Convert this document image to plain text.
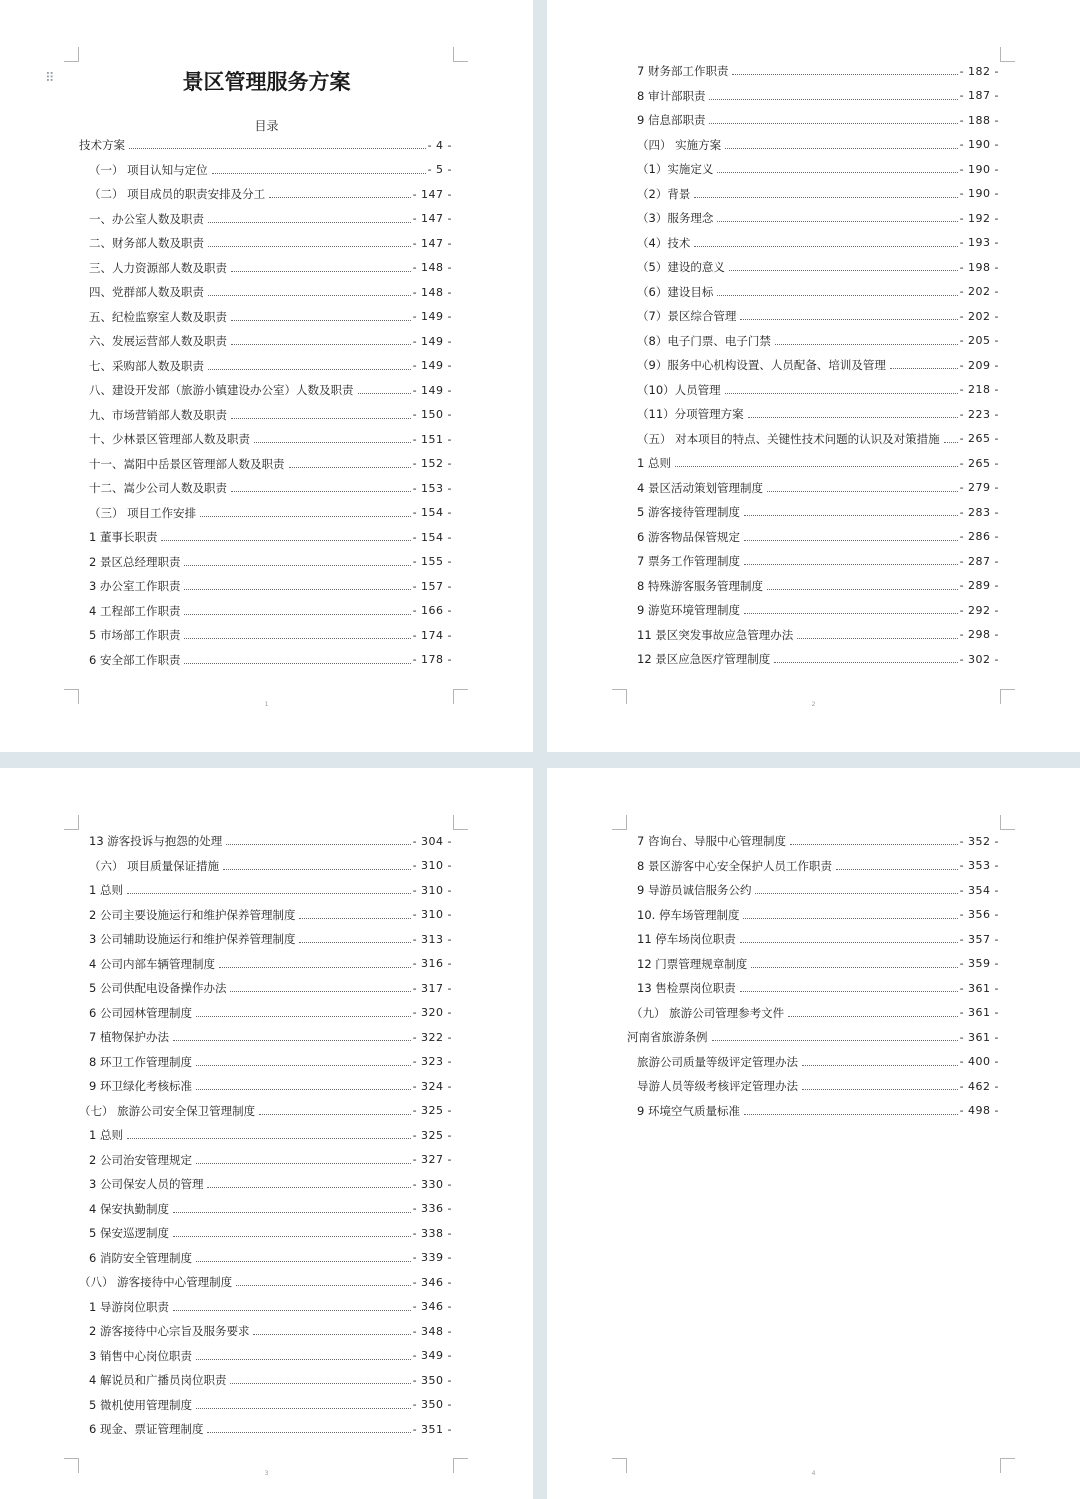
⠿	景区管理服务方案
目录
技术方案	- 4 -
（一） 项目认知与定位	- 5 -
（二） 项目成员的职责安排及分工	- 147 -
一、办公室人数及职责	- 147 -
二、财务部人数及职责	- 147 -
三、人力资源部人数及职责	- 148 -
四、党群部人数及职责	- 148 -
五、纪检监察室人数及职责	- 149 -
六、发展运营部人数及职责	- 149 -
七、采购部人数及职责	- 149 -
八、建设开发部（旅游小镇建设办公室）人数及职责	- 149 -
九、市场营销部人数及职责	- 150 -
十、少林景区管理部人数及职责	- 151 -
十一、嵩阳中岳景区管理部人数及职责	- 152 -
十二、嵩少公司人数及职责	- 153 -
（三） 项目工作安排	- 154 -
1 董事长职责	- 154 -
2 景区总经理职责	- 155 -
3 办公室工作职责	- 157 -
4 工程部工作职责	- 166 -
5 市场部工作职责	- 174 -
6 安全部工作职责	- 178 -
1
7 财务部工作职责	- 182 -
8 审计部职责	- 187 -
9 信息部职责	- 188 -
（四） 实施方案	- 190 -
（1）实施定义	- 190 -
（2）背景	- 190 -
（3）服务理念	- 192 -
（4）技术	- 193 -
（5）建设的意义	- 198 -
（6）建设目标	- 202 -
（7）景区综合管理	- 202 -
（8）电子门票、电子门禁	- 205 -
（9）服务中心机构设置、人员配备、培训及管理	- 209 -
（10）人员管理	- 218 -
（11）分项管理方案	- 223 -
（五） 对本项目的特点、关键性技术问题的认识及对策措施 - 265 -
1 总则	- 265 -
4 景区活动策划管理制度	- 279 -
5 游客接待管理制度	- 283 -
6 游客物品保管规定	- 286 -
7 票务工作管理制度	- 287 -
8 特殊游客服务管理制度	- 289 -
9 游览环境管理制度	- 292 -
11 景区突发事故应急管理办法	- 298 -
12 景区应急医疗管理制度	- 302 -
2
13 游客投诉与抱怨的处理	- 304 -
（六） 项目质量保证措施	- 310 -
1 总则	- 310 -
2 公司主要设施运行和维护保养管理制度	- 310 -
3 公司辅助设施运行和维护保养管理制度	- 313 -
4 公司内部车辆管理制度	- 316 -
5 公司供配电设备操作办法	- 317 -
6 公司园林管理制度	- 320 -
7 植物保护办法	- 322 -
8 环卫工作管理制度	- 323 -
9 环卫绿化考核标准	- 324 -
（七） 旅游公司安全保卫管理制度	- 325 -
1 总则	- 325 -
2 公司治安管理规定	- 327 -
3 公司保安人员的管理	- 330 -
4 保安执勤制度	- 336 -
5 保安巡逻制度	- 338 -
6 消防安全管理制度	- 339 -
（八） 游客接待中心管理制度	- 346 -
1 导游岗位职责	- 346 -
2 游客接待中心宗旨及服务要求	- 348 -
3 销售中心岗位职责	- 349 -
4 解说员和广播员岗位职责	- 350 -
5 微机使用管理制度	- 350 -
6 现金、票证管理制度	- 351 -
3
7 咨询台、导服中心管理制度	- 352 -
8 景区游客中心安全保护人员工作职责	- 353 -
9 导游员诚信服务公约	- 354 -
10. 停车场管理制度	- 356 -
11 停车场岗位职责	- 357 -
12 门票管理规章制度	- 359 -
13 售检票岗位职责	- 361 -
（九） 旅游公司管理参考文件	- 361 -
河南省旅游条例	- 361 -
旅游公司质量等级评定管理办法	- 400 -
导游人员等级考核评定管理办法	- 462 -
9 环境空气质量标准	- 498 -
4
